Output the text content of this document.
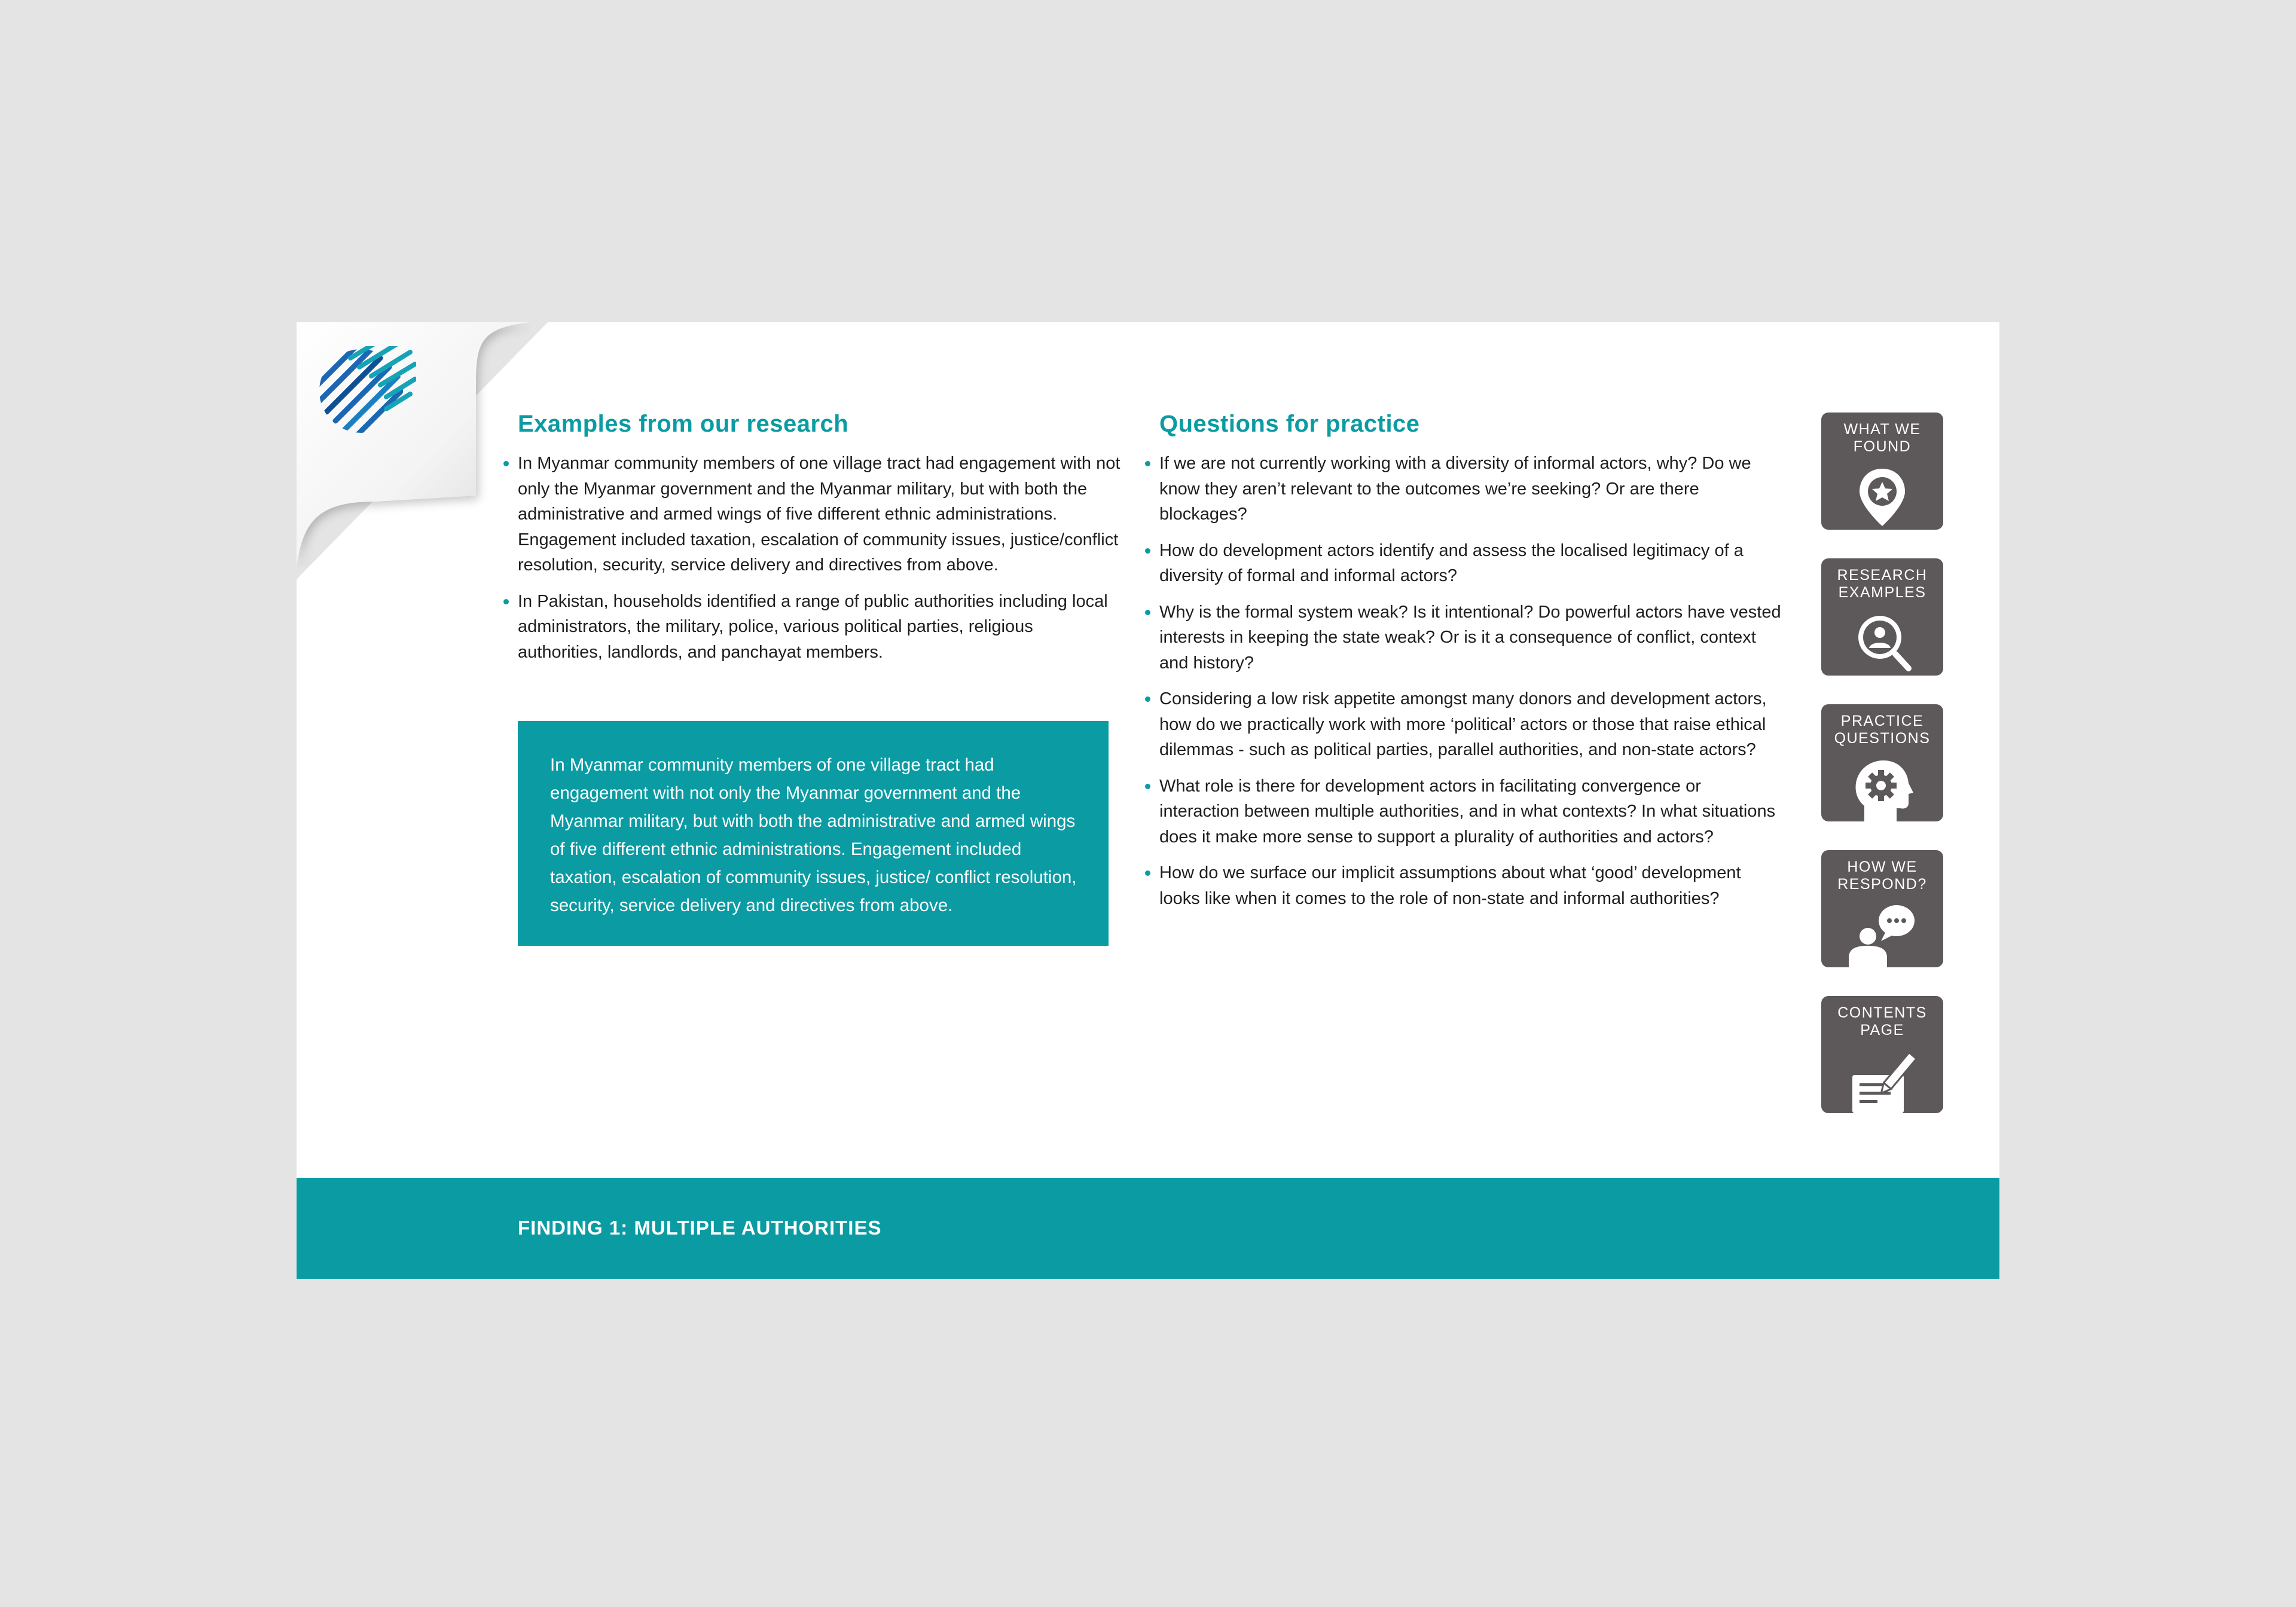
Examples from our research
In Myanmar community members of one village tract had engagement with not only the Myanmar government and the Myanmar military, but with both the administrative and armed wings of five different ethnic administrations. Engagement included taxation, escalation of community issues, justice/conflict resolution, security, service delivery and directives from above.
In Pakistan, households identified a range of public authorities including local administrators, the military, police, various political parties, religious authorities, landlords, and panchayat members.

In Myanmar community members of one village tract had engagement with not only the Myanmar government and the Myanmar military, but with both the administrative and armed wings of five different ethnic administrations. Engagement included taxation, escalation of community issues, justice/ conflict resolution, security, service delivery and directives from above.

Questions for practice
If we are not currently working with a diversity of informal actors, why? Do we know they aren’t relevant to the outcomes we’re seeking? Or are there blockages?
How do development actors identify and assess the localised legitimacy of a diversity of formal and informal actors?
Why is the formal system weak? Is it intentional? Do powerful actors have vested interests in keeping the state weak? Or is it a consequence of conflict, context and history?
Considering a low risk appetite amongst many donors and development actors, how do we practically work with more ‘political’ actors or those that raise ethical dilemmas - such as political parties, parallel authorities, and non-state actors?
What role is there for development actors in facilitating convergence or interaction between multiple authorities, and in what contexts? In what situations does it make more sense to support a plurality of authorities and actors?
How do we surface our implicit assumptions about what ‘good’ development looks like when it comes to the role of non-state and informal authorities?
WHAT WE
FOUND
RESEARCH
EXAMPLES
PRACTICE
QUESTIONS
HOW WE
RESPOND?
CONTENTS
PAGE
FINDING 1: MULTIPLE AUTHORITIES
